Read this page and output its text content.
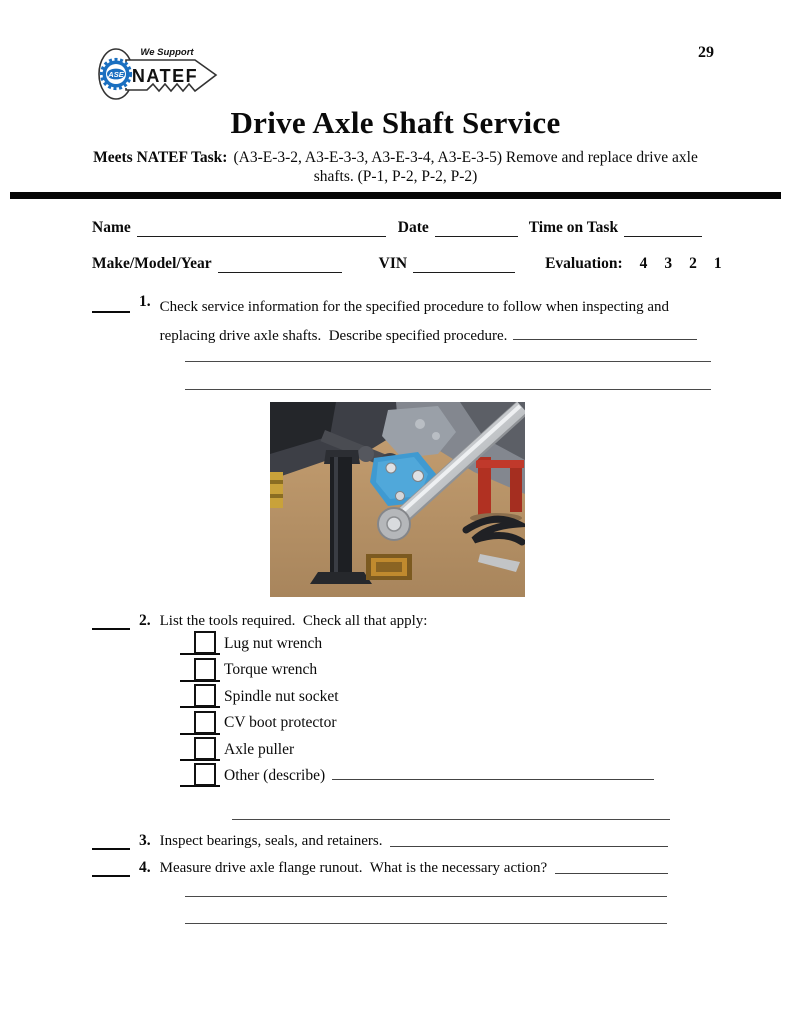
ASE
We Support
NATEF
29
Drive Axle Shaft Service
Meets NATEF Task: (A3-E-3-2, A3-E-3-3, A3-E-3-4, A3-E-3-5) Remove and replace drive axle
shafts. (P-1, P-2, P-2, P-2)
Name	Date	Time on Task
Make/Model/Year	VIN	Evaluation: 4 3 2 1
1. Check service information for the specified procedure to follow when inspecting and
replacing drive axle shafts.  Describe specified procedure.
2. List the tools required.  Check all that apply:
Lug nut wrench
Torque wrench
Spindle nut socket
CV boot protector
Axle puller
Other (describe)
3. Inspect bearings, seals, and retainers.
4. Measure drive axle flange runout.  What is the necessary action?
